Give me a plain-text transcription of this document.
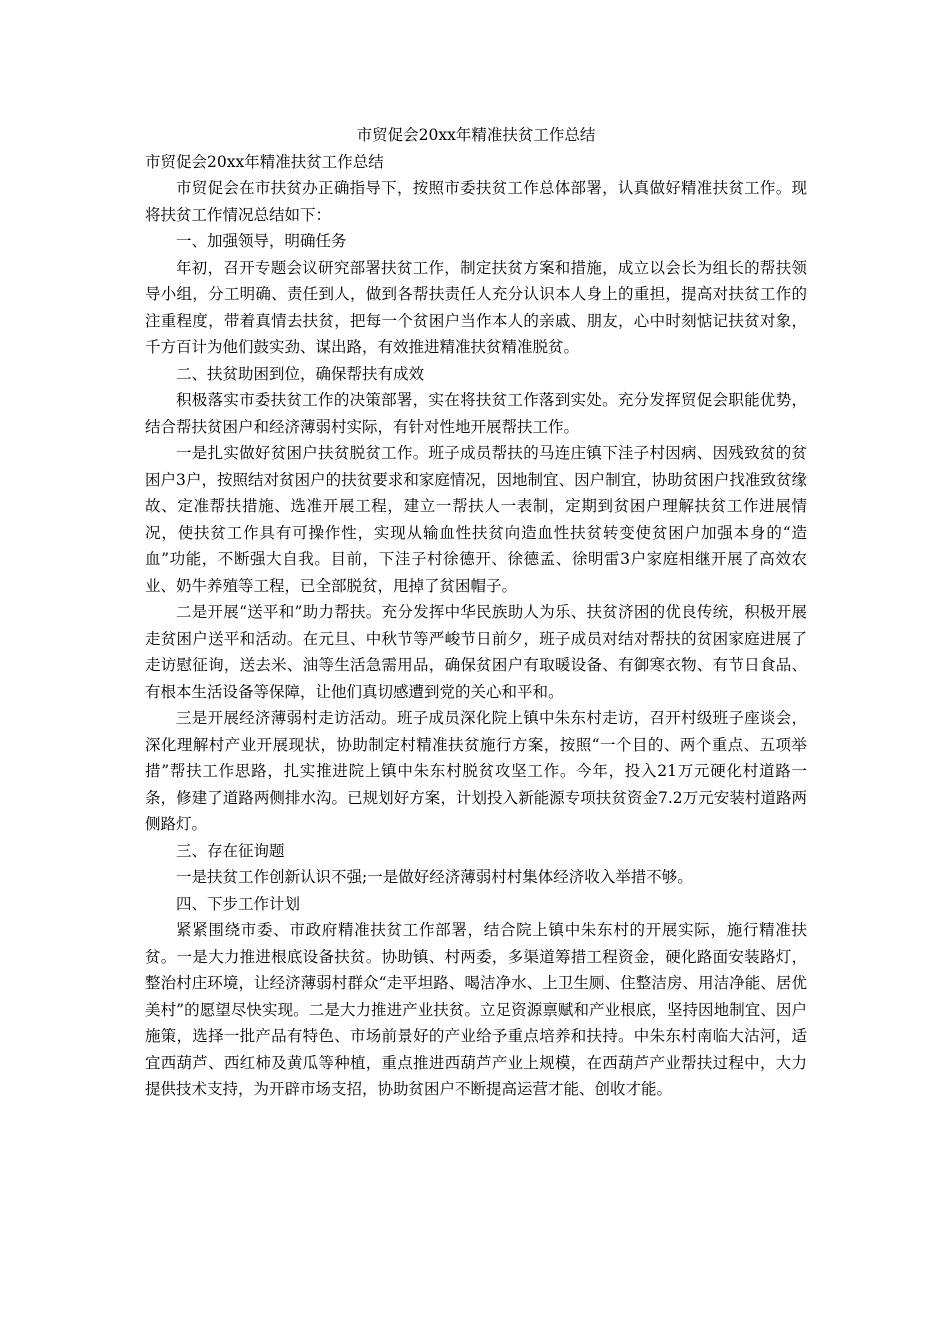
市贸促会20xx年精准扶贫工作总结

市贸促会20xx年精准扶贫工作总结

市贸促会在市扶贫办正确指导下，按照市委扶贫工作总体部署，认真做好精准扶贫工作。现将扶贫工作情况总结如下：

一、加强领导，明确任务

年初，召开专题会议研究部署扶贫工作，制定扶贫方案和措施，成立以会长为组长的帮扶领导小组，分工明确、责任到人，做到各帮扶责任人充分认识本人身上的重担，提高对扶贫工作的注重程度，带着真情去扶贫，把每一个贫困户当作本人的亲戚、朋友，心中时刻惦记扶贫对象，千方百计为他们鼓实劲、谋出路，有效推进精准扶贫精准脱贫。

二、扶贫助困到位，确保帮扶有成效

积极落实市委扶贫工作的决策部署，实在将扶贫工作落到实处。充分发挥贸促会职能优势，结合帮扶贫困户和经济薄弱村实际，有针对性地开展帮扶工作。

一是扎实做好贫困户扶贫脱贫工作。班子成员帮扶的马连庄镇下洼子村因病、因残致贫的贫困户3户，按照结对贫困户的扶贫要求和家庭情况，因地制宜、因户制宜，协助贫困户找准致贫缘故、定准帮扶措施、选准开展工程，建立一帮扶人一表制，定期到贫困户理解扶贫工作进展情况，使扶贫工作具有可操作性，实现从输血性扶贫向造血性扶贫转变使贫困户加强本身的“造血”功能，不断强大自我。目前，下洼子村徐德开、徐德孟、徐明雷3户家庭相继开展了高效农业、奶牛养殖等工程，已全部脱贫，甩掉了贫困帽子。

二是开展“送平和”助力帮扶。充分发挥中华民族助人为乐、扶贫济困的优良传统，积极开展走贫困户送平和活动。在元旦、中秋节等严峻节日前夕，班子成员对结对帮扶的贫困家庭进展了走访慰征询，送去米、油等生活急需用品，确保贫困户有取暖设备、有御寒衣物、有节日食品、有根本生活设备等保障，让他们真切感遭到党的关心和平和。

三是开展经济薄弱村走访活动。班子成员深化院上镇中朱东村走访，召开村级班子座谈会，深化理解村产业开展现状，协助制定村精准扶贫施行方案，按照“一个目的、两个重点、五项举措”帮扶工作思路，扎实推进院上镇中朱东村脱贫攻坚工作。今年，投入21万元硬化村道路一条，修建了道路两侧排水沟。已规划好方案，计划投入新能源专项扶贫资金7.2万元安装村道路两侧路灯。

三、存在征询题

一是扶贫工作创新认识不强;一是做好经济薄弱村村集体经济收入举措不够。

四、下步工作计划

紧紧围绕市委、市政府精准扶贫工作部署，结合院上镇中朱东村的开展实际，施行精准扶贫。一是大力推进根底设备扶贫。协助镇、村两委，多渠道筹措工程资金，硬化路面安装路灯，整治村庄环境，让经济薄弱村群众“走平坦路、喝洁净水、上卫生厕、住整洁房、用洁净能、居优美村”的愿望尽快实现。二是大力推进产业扶贫。立足资源禀赋和产业根底，坚持因地制宜、因户施策，选择一批产品有特色、市场前景好的产业给予重点培养和扶持。中朱东村南临大沽河，适宜西葫芦、西红柿及黄瓜等种植，重点推进西葫芦产业上规模，在西葫芦产业帮扶过程中，大力提供技术支持，为开辟市场支招，协助贫困户不断提高运营才能、创收才能。
